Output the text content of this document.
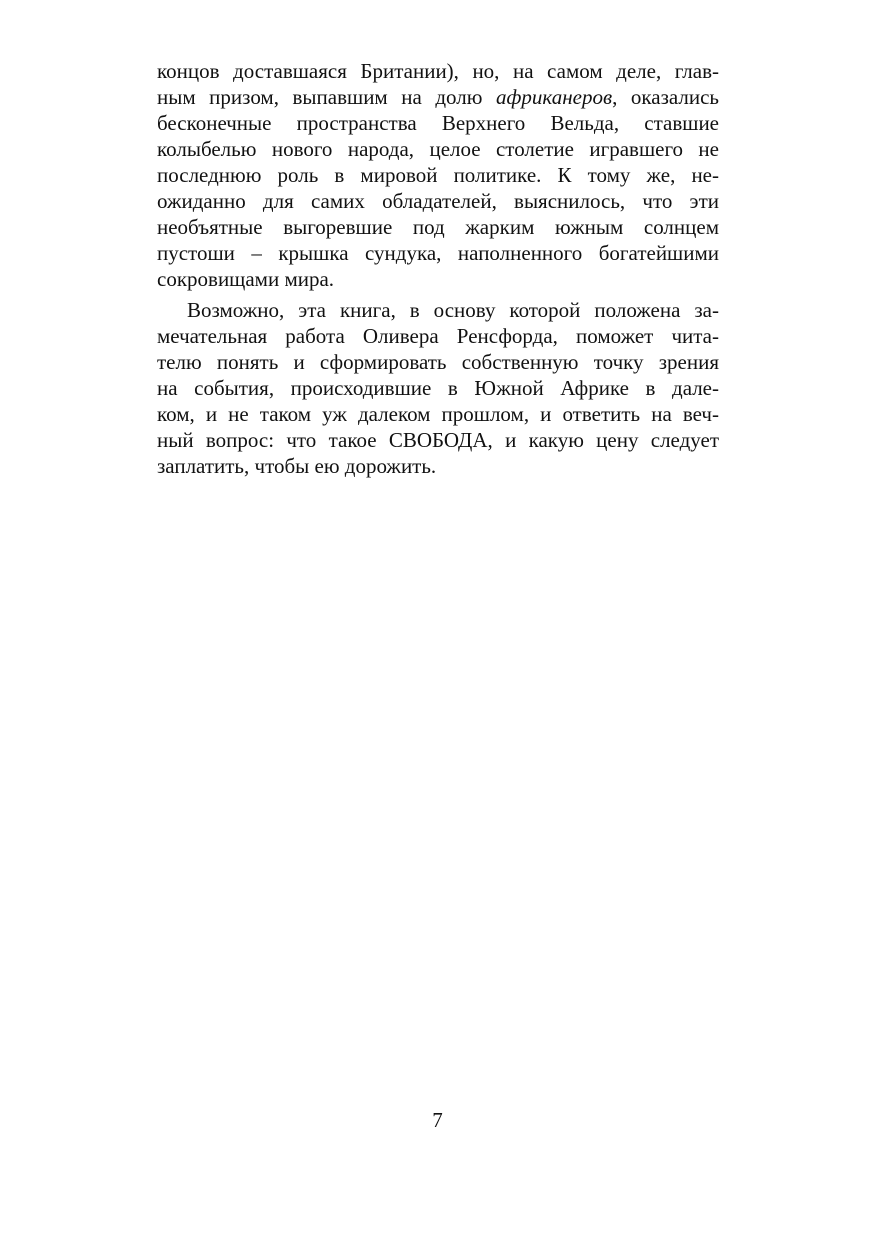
концов доставшаяся Британии), но, на самом деле, глав-
ным призом, выпавшим на долю африканеров, оказались
бесконечные пространства Верхнего Вельда, ставшие
колыбелью нового народа, целое столетие игравшего не
последнюю роль в мировой политике. К тому же, не-
ожиданно для самих обладателей, выяснилось, что эти
необъятные выгоревшие под жарким южным солнцем
пустоши – крышка сундука, наполненного богатейшими
сокровищами мира.
Возможно, эта книга, в основу которой положена за-
мечательная работа Оливера Ренсфорда, поможет чита-
телю понять и сформировать собственную точку зрения
на события, происходившие в Южной Африке в дале-
ком, и не таком уж далеком прошлом, и ответить на веч-
ный вопрос: что такое СВОБОДА, и какую цену следует
заплатить, чтобы ею дорожить.
7
